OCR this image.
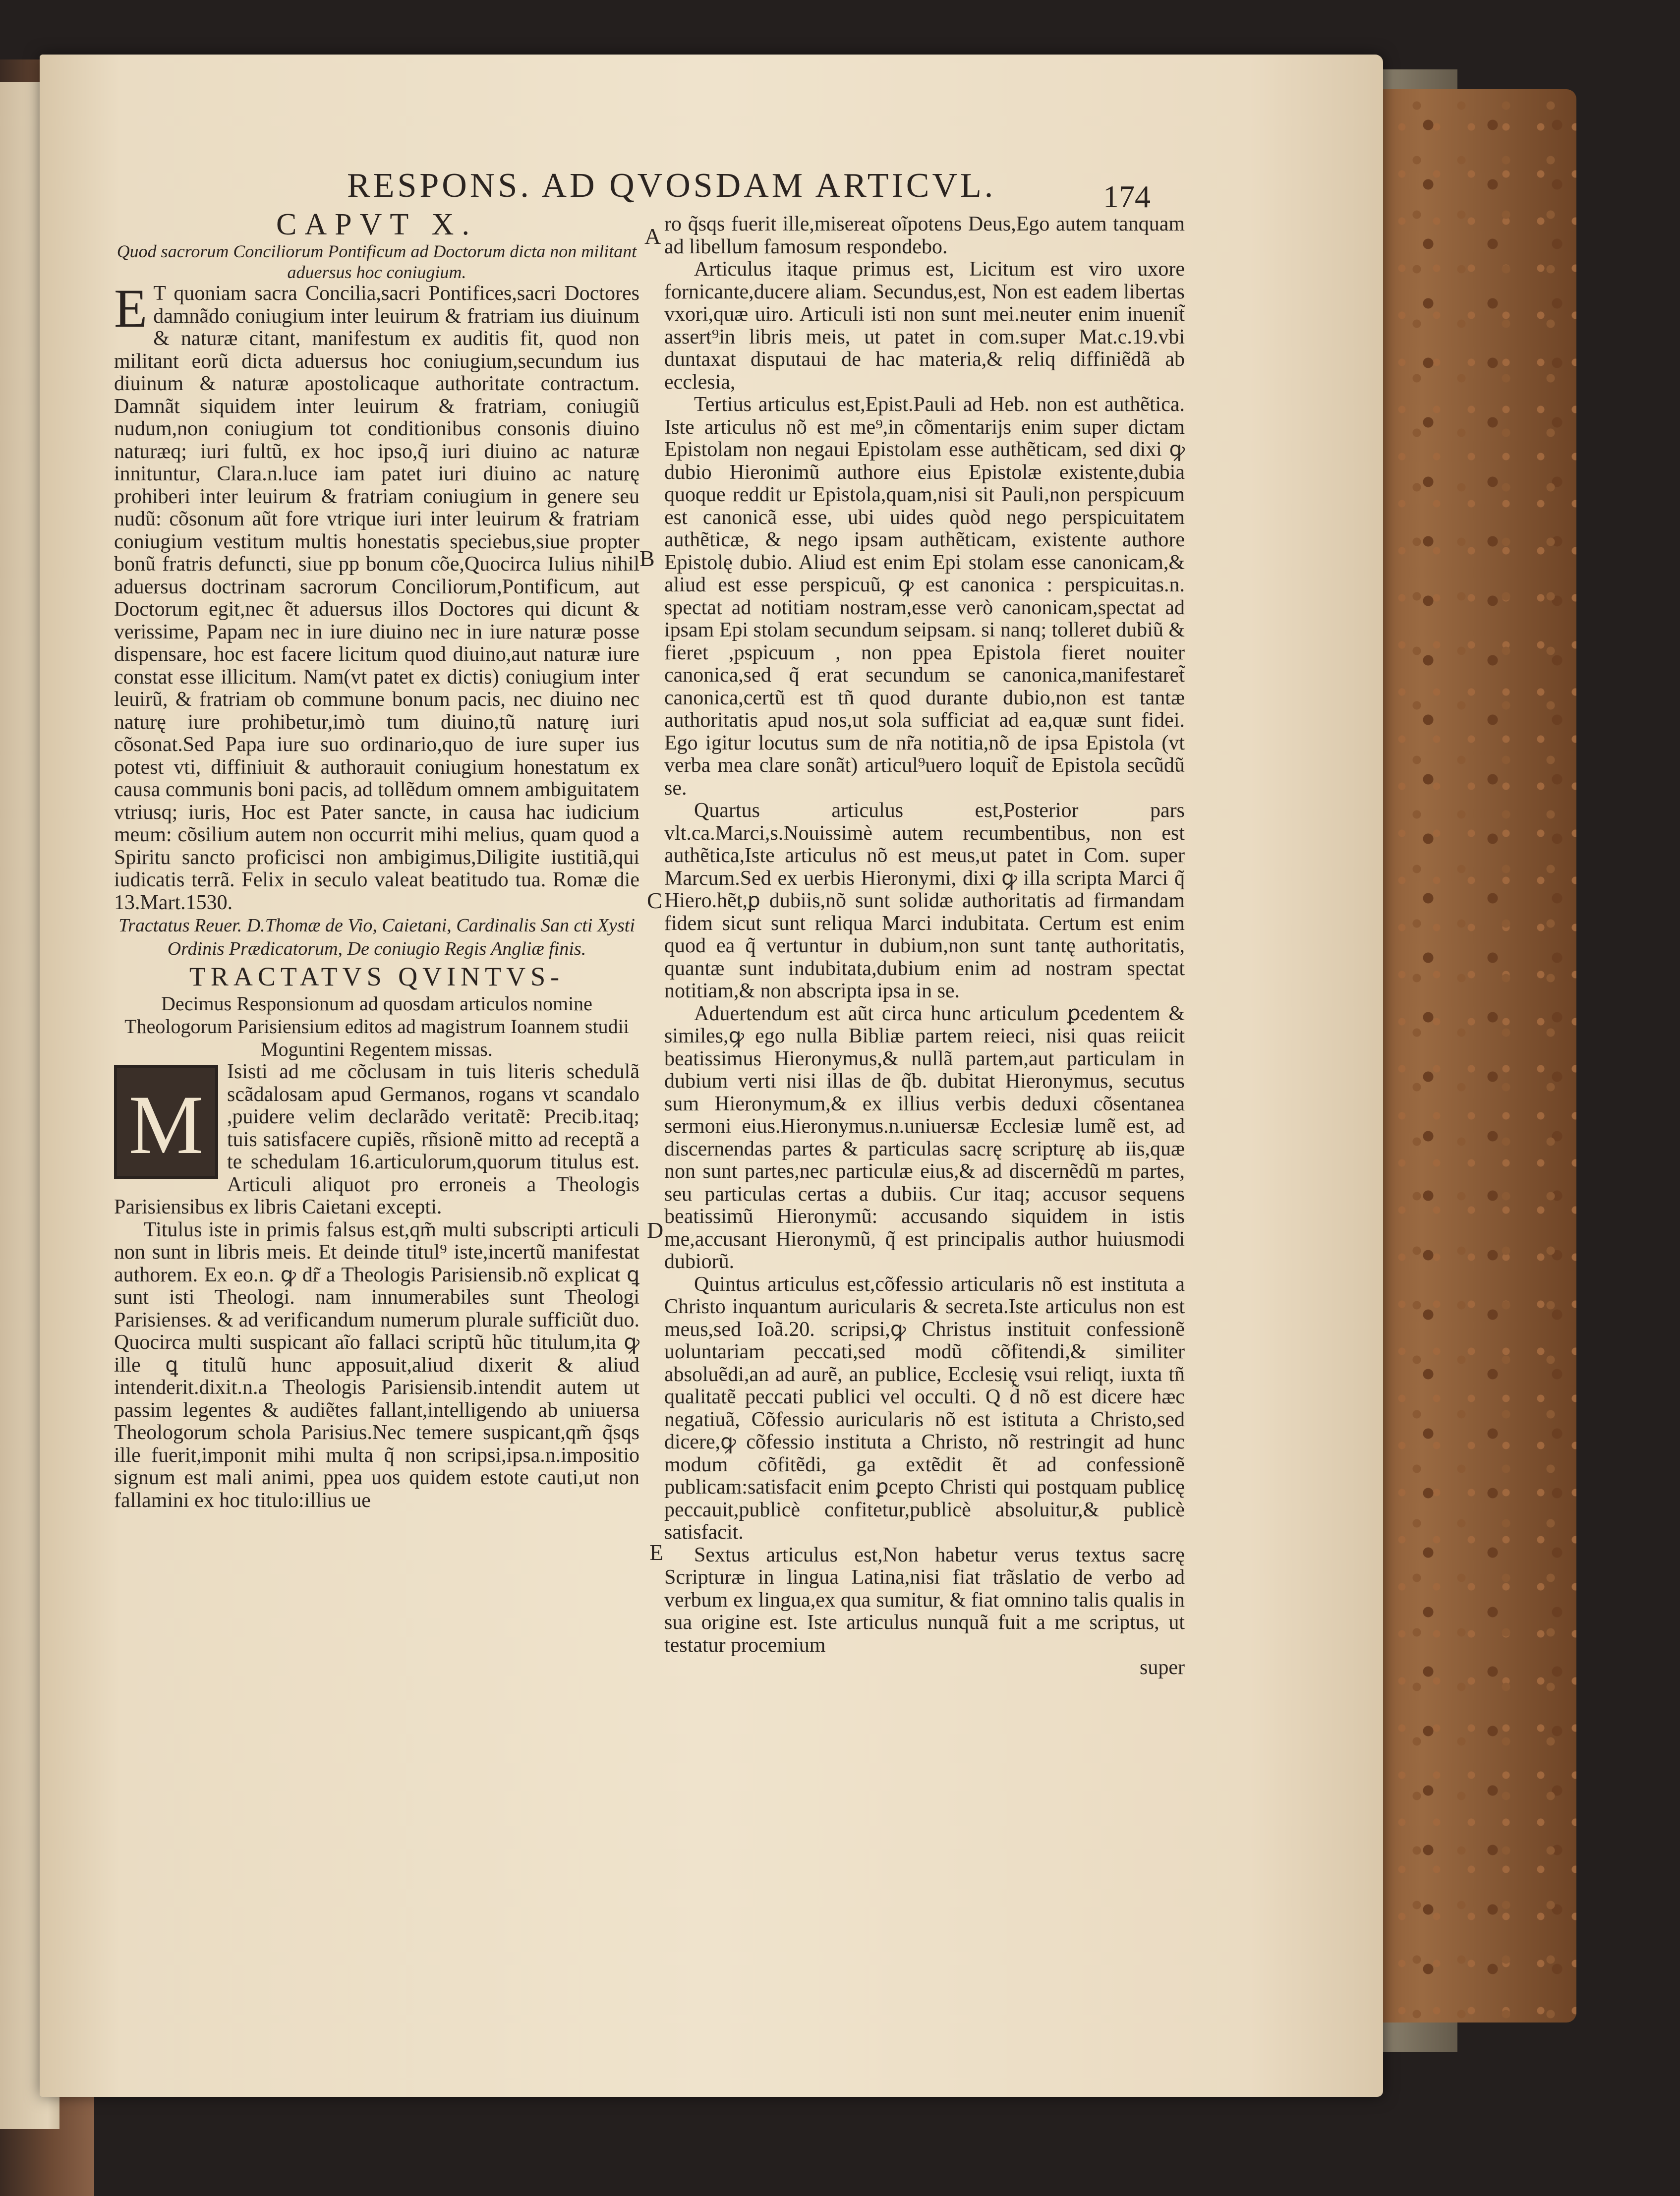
RESPONS. AD QVOSDAM ARTICVL.	174

CAPVT X.

Quod sacrorum Conciliorum Pontificum ad Doctorum dicta non militant aduersus hoc coniugium.

E T quoniam sacra Concilia,sacri Pontifices,sacri Doctores damnãdo coniugium inter leuirum & fratriam ius diuinum & naturæ citant, manifestum ex auditis fit, quod non militant eorũ dicta aduersus hoc coniugium,secundum ius diuinum & naturæ apostolicaque authoritate contractum. Damnãt siquidem inter leuirum & fratriam, coniugiũ nudum,non coniugium tot conditionibus consonis diuino naturæq; iuri fultũ, ex hoc ipso,q̃ iuri diuino ac naturæ innituntur, Clara.n.luce iam patet iuri diuino ac naturę prohiberi inter leuirum & fratriam coniugium in genere seu nudũ: cõsonum aũt fore vtrique iuri inter leuirum & fratriam coniugium vestitum multis honestatis speciebus,siue propter bonũ fratris defuncti, siue pp bonum cõe,Quocirca Iulius nihil aduersus doctrinam sacrorum Conciliorum,Pontificum, aut Doctorum egit,nec ẽt aduersus illos Doctores qui dicunt & verissime, Papam nec in iure diuino nec in iure naturæ posse dispensare, hoc est facere licitum quod diuino,aut naturæ iure constat esse illicitum. Nam(vt patet ex dictis) coniugium inter leuirũ, & fratriam ob commune bonum pacis, nec diuino nec naturę iure prohibetur,imò tum diuino,tũ naturę iuri cõsonat.Sed Papa iure suo ordinario,quo de iure super ius potest vti, diffiniuit & authorauit coniugium honestatum ex causa communis boni pacis, ad tollẽdum omnem ambiguitatem vtriusq; iuris, Hoc est Pater sancte, in causa hac iudicium meum: cõsilium autem non occurrit mihi melius, quam quod a Spiritu sancto proficisci non ambigimus,Diligite iustitiã,qui iudicatis terrã. Felix in seculo valeat beatitudo tua. Romæ die 13.Mart.1530.

Tractatus Reuer. D.Thomæ de Vio, Caietani, Cardinalis San cti Xysti Ordinis Prædicatorum, De coniugio Regis Angliæ finis.

TRACTATVS QVINTVS-

Decimus Responsionum ad quosdam articulos nomine Theologorum Parisiensium editos ad magistrum Ioannem studii Moguntini Regentem missas.

M
Isisti ad me cõclusam in tuis literis schedulã scãdalosam apud Germanos, rogans vt scandalo ,puidere velim declarãdo veritatẽ: Precib.itaq; tuis satisfacere cupiẽs, rñsionẽ mitto ad receptã a te schedulam 16.articulorum,quorum titulus est. Articuli aliquot pro erroneis a Theologis Parisiensibus ex libris Caietani excepti.

Titulus iste in primis falsus est,qm̃ multi subscripti articuli non sunt in libris meis. Et deinde titul⁹ iste,incertũ manifestat authorem. Ex eo.n. ꝙ dr̃ a Theologis Parisiensib.nõ explicat ꝗ sunt isti Theologi. nam innumerabiles sunt Theologi Parisienses. & ad verificandum numerum plurale sufficiũt duo. Quocirca multi suspicant aĩo fallaci scriptũ hũc titulum,ita ꝙ ille ꝗ titulũ hunc apposuit,aliud dixerit & aliud intenderit.dixit.n.a Theologis Parisiensib.intendit autem ut passim legentes & audiẽtes fallant,intelligendo ab uniuersa Theologorum schola Parisius.Nec temere suspicant,qm̃ q̃sqs ille fuerit,imponit mihi multa q̃ non scripsi,ipsa.n.impositio signum est mali animi, ppea uos quidem estote cauti,ut non fallamini ex hoc titulo:illius ue

ro q̃sqs fuerit ille,misereat oĩpotens Deus,Ego autem tanquam ad libellum famosum respondebo.

Articulus itaque primus est, Licitum est viro uxore fornicante,ducere aliam. Secundus,est, Non est eadem libertas vxori,quæ uiro. Articuli isti non sunt mei.neuter enim inuenit̃ assert⁹in libris meis, ut patet in com.super Mat.c.19.vbi duntaxat disputaui de hac materia,& reliq diffiniẽdã ab ecclesia,

Tertius articulus est,Epist.Pauli ad Heb. non est authẽtica. Iste articulus nõ est me⁹,in cõmentarijs enim super dictam Epistolam non negaui Epistolam esse authẽticam, sed dixi ꝙ dubio Hieronimũ authore eius Epistolæ existente,dubia quoque reddit ur Epistola,quam,nisi sit Pauli,non perspicuum est canonicã esse, ubi uides quòd nego perspicuitatem authẽticæ, & nego ipsam authẽticam, existente authore Epistolę dubio. Aliud est enim Epi stolam esse canonicam,& aliud est esse perspicuũ, ꝙ est canonica : perspicuitas.n. spectat ad notitiam nostram,esse verò canonicam,spectat ad ipsam Epi stolam secundum seipsam. si nanq; tolleret dubiũ & fieret ,pspicuum , non ppea Epistola fieret nouiter canonica,sed q̃ erat secundum se canonica,manifestaret̃ canonica,certũ est tñ quod durante dubio,non est tantæ authoritatis apud nos,ut sola sufficiat ad ea,quæ sunt fidei. Ego igitur locutus sum de nr̃a notitia,nõ de ipsa Epistola (vt verba mea clare sonãt) articul⁹uero loquit̃ de Epistola secũdũ se.

Quartus articulus est,Posterior pars vlt.ca.Marci,s.Nouissimè autem recumbentibus, non est authẽtica,Iste articulus nõ est meus,ut patet in Com. super Marcum.Sed ex uerbis Hieronymi, dixi ꝙ illa scripta Marci q̃ Hiero.hẽt,ꝑ dubiis,nõ sunt solidæ authoritatis ad firmandam fidem sicut sunt reliqua Marci indubitata. Certum est enim quod ea q̃ vertuntur in dubium,non sunt tantę authoritatis, quantæ sunt indubitata,dubium enim ad nostram spectat notitiam,& non abscripta ipsa in se.

Aduertendum est aũt circa hunc articulum ꝑcedentem & similes,ꝙ ego nulla Bibliæ partem reieci, nisi quas reiicit beatissimus Hieronymus,& nullã partem,aut particulam in dubium verti nisi illas de q̃b. dubitat Hieronymus, secutus sum Hieronymum,& ex illius verbis deduxi cõsentanea sermoni eius.Hieronymus.n.uniuersæ Ecclesiæ lumẽ est, ad discernendas partes & particulas sacrę scripturę ab iis,quæ non sunt partes,nec particulæ eius,& ad discernẽdũ m partes, seu particulas certas a dubiis. Cur itaq; accusor sequens beatissimũ Hieronymũ: accusando siquidem in istis me,accusant Hieronymũ, q̃ est principalis author huiusmodi dubiorũ.

Quintus articulus est,cõfessio articularis nõ est instituta a Christo inquantum auricularis & secreta.Iste articulus non est meus,sed Ioã.20. scripsi,ꝙ Christus instituit confessionẽ uoluntariam peccati,sed modũ cõfitendi,& similiter absoluẽdi,an ad aurẽ, an publice, Ecclesię vsui reliqt, iuxta tñ qualitatẽ peccati publici vel occulti. Q d̃ nõ est dicere hæc negatiuã, Cõfessio auricularis nõ est istituta a Christo,sed dicere,ꝙ cõfessio instituta a Christo, nõ restringit ad hunc modum cõfitẽdi, ga extẽdit ẽt ad confessionẽ publicam:satisfacit enim ꝑcepto Christi qui postquam publicę peccauit,publicè confitetur,publicè absoluitur,& publicè satisfacit.

Sextus articulus est,Non habetur verus textus sacrę Scripturæ in lingua Latina,nisi fiat trãslatio de verbo ad verbum ex lingua,ex qua sumitur, & fiat omnino talis qualis in sua origine est. Iste articulus nunquã fuit a me scriptus, ut testatur procemium

super

A
B
C
D
E
